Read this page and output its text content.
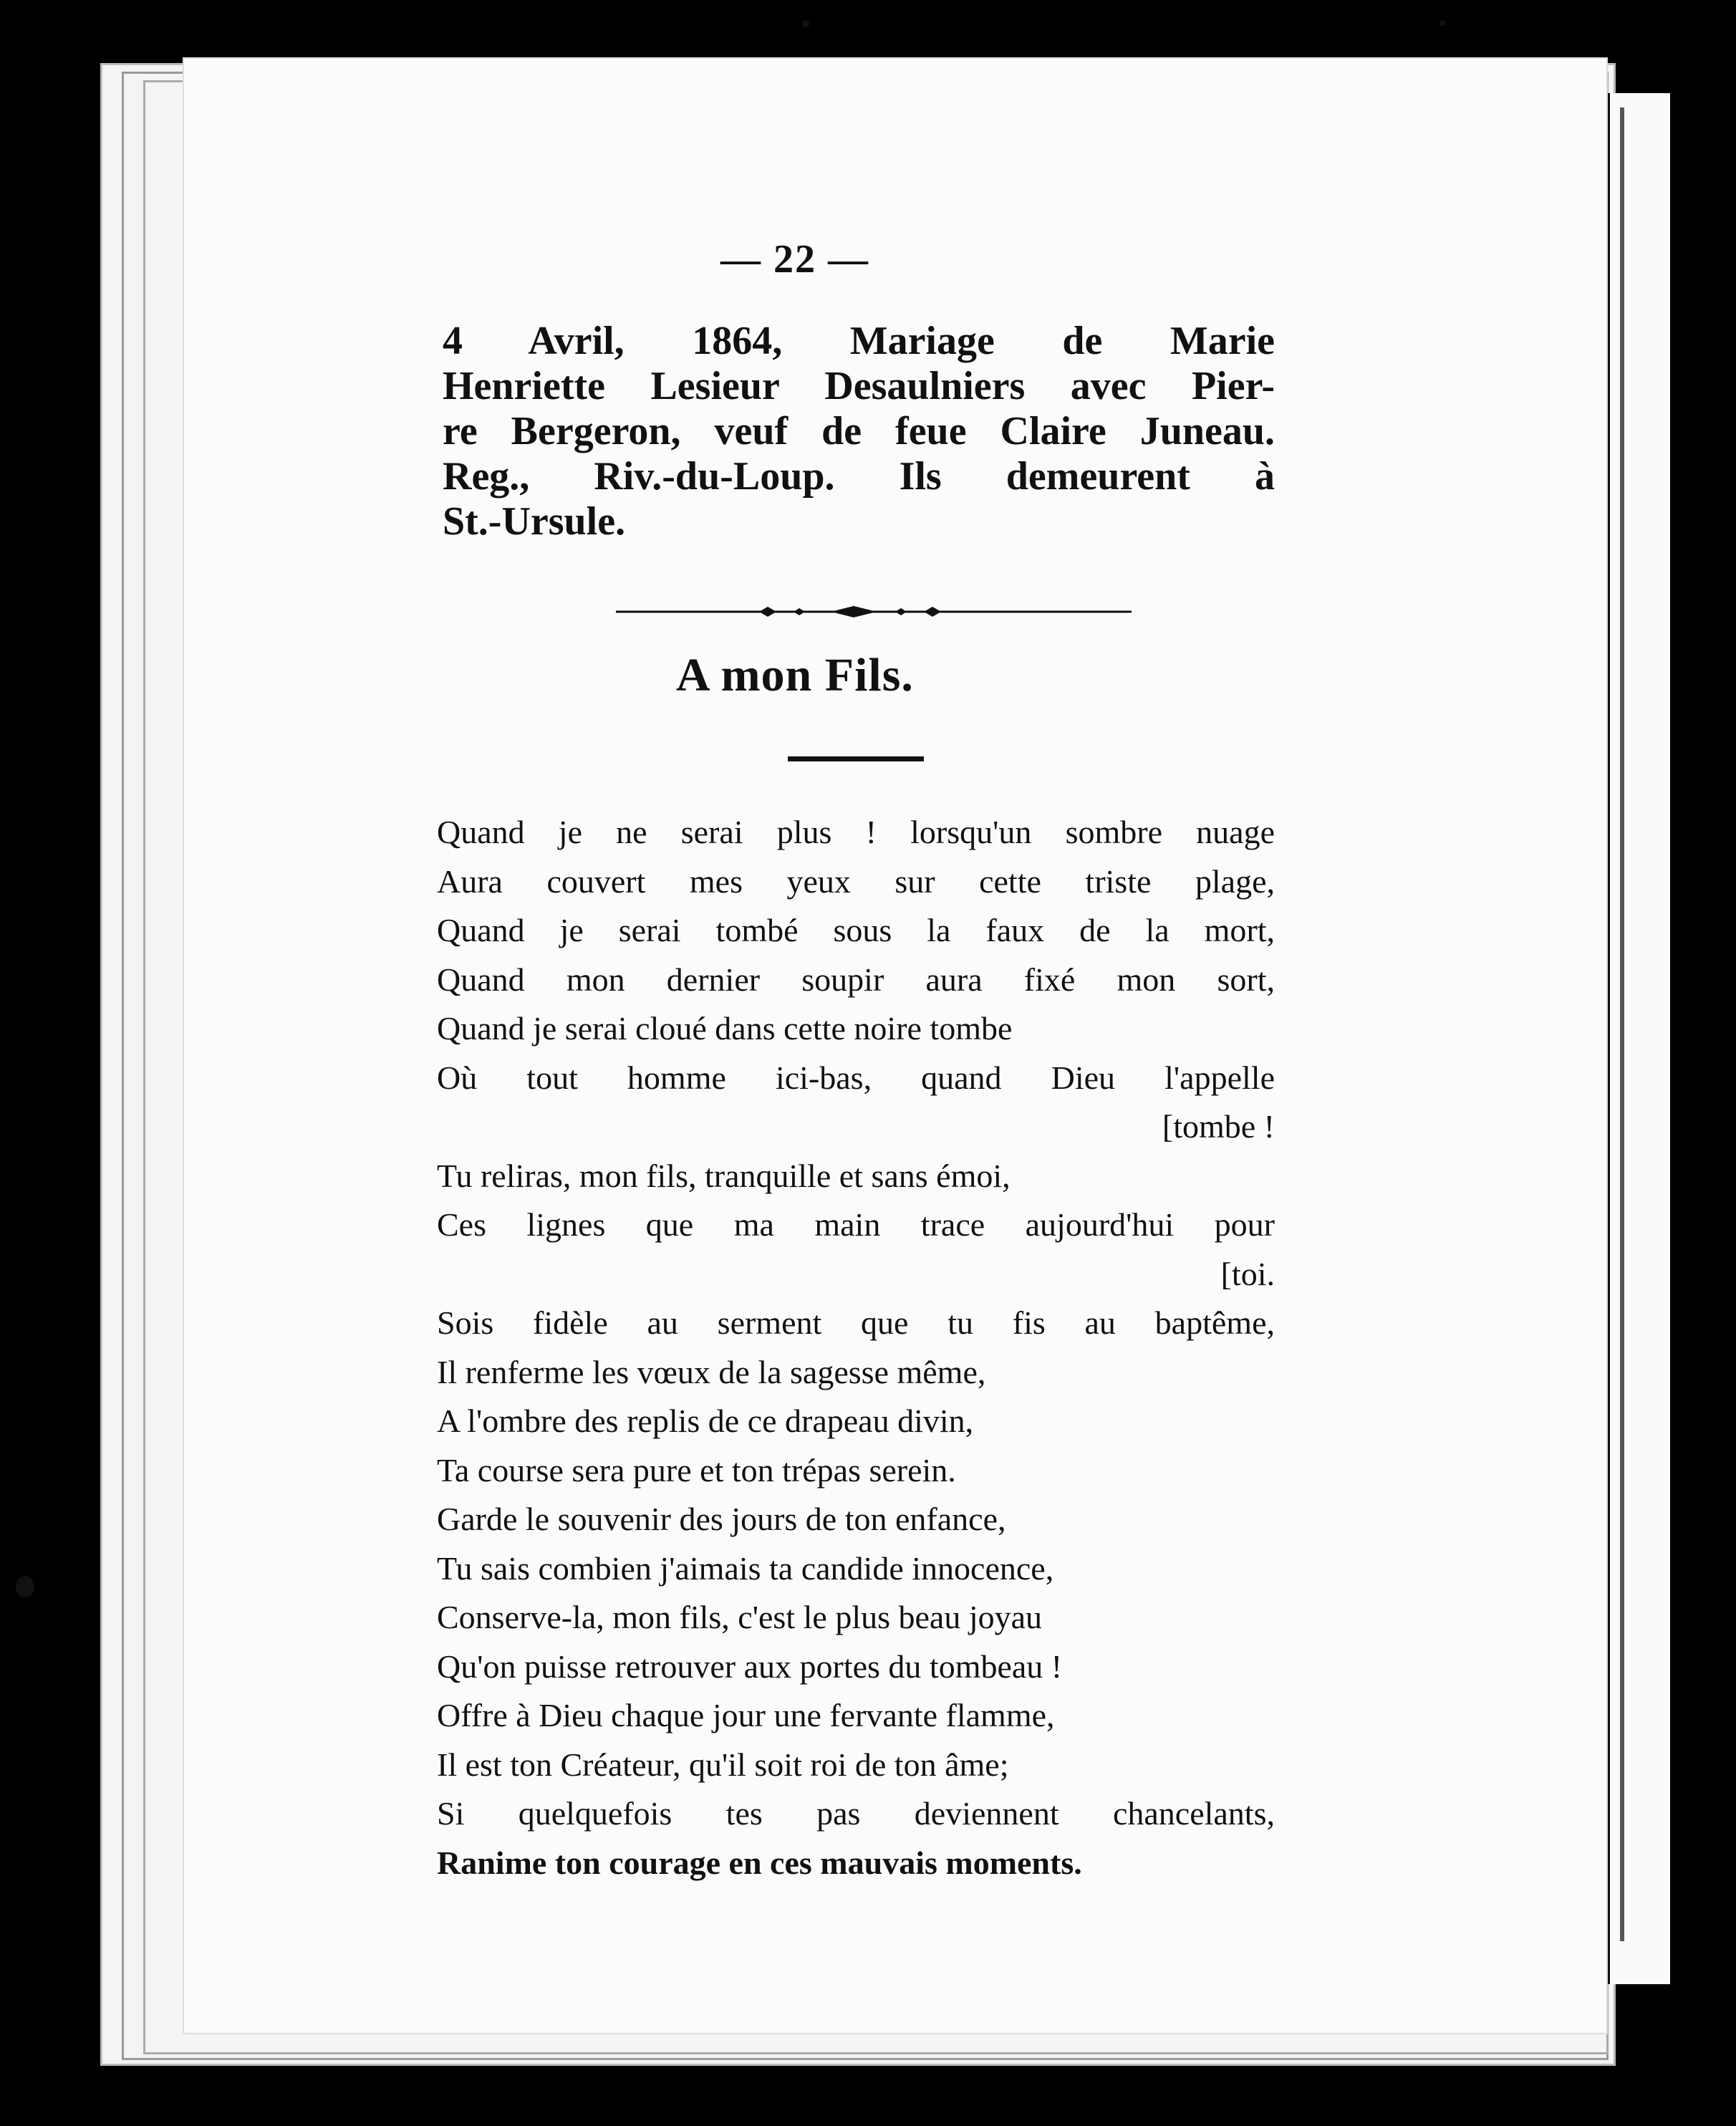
— 22 —
4 Avril, 1864, Mariage de Marie
Henriette Lesieur Desaulniers avec Pier-
re Bergeron, veuf de feue Claire Juneau.
Reg., Riv.-du-Loup. Ils demeurent à
St.-Ursule.
A mon Fils.
Quand je ne serai plus ! lorsqu'un sombre nuage
Aura couvert mes yeux sur cette triste plage,
Quand je serai tombé sous la faux de la mort,
Quand mon dernier soupir aura fixé mon sort,
Quand je serai cloué dans cette noire tombe
Où tout homme ici-bas, quand Dieu l'appelle
[tombe !
Tu reliras, mon fils, tranquille et sans émoi,
Ces lignes que ma main trace aujourd'hui pour
[toi.
Sois fidèle au serment que tu fis au baptême,
Il renferme les vœux de la sagesse même,
A l'ombre des replis de ce drapeau divin,
Ta course sera pure et ton trépas serein.
Garde le souvenir des jours de ton enfance,
Tu sais combien j'aimais ta candide innocence,
Conserve-la, mon fils, c'est le plus beau joyau
Qu'on puisse retrouver aux portes du tombeau !
Offre à Dieu chaque jour une fervante flamme,
Il est ton Créateur, qu'il soit roi de ton âme;
Si quelquefois tes pas deviennent chancelants,
Ranime ton courage en ces mauvais moments.
